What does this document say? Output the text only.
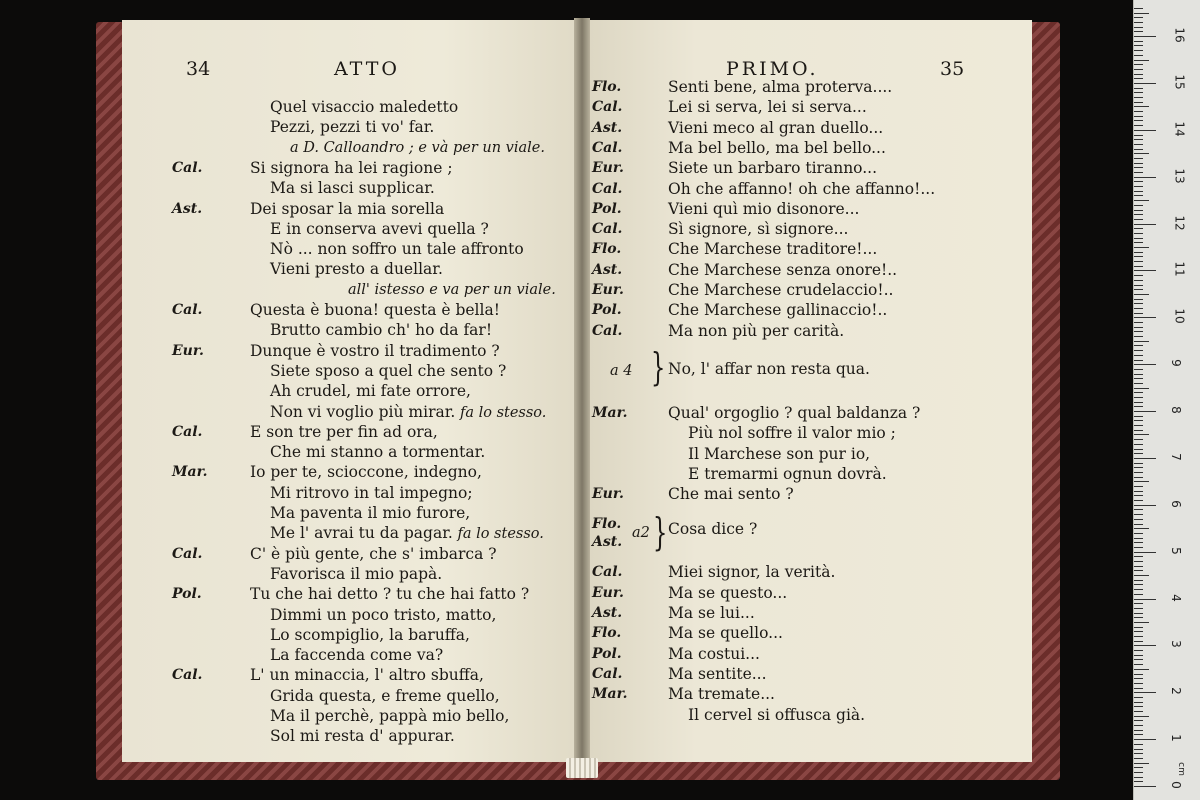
34	ATTO
Quel visaccio maledetto
Pezzi, pezzi ti vo' far.
a D. Calloandro ; e và per un viale.
Cal.	Si signora ha lei ragione ;
Ma si lasci supplicar.
Ast.	Dei sposar la mia sorella
E in conserva avevi quella ?
Nò ... non soffro un tale affronto
Vieni presto a duellar.
all' istesso e va per un viale.
Cal.	Questa è buona! questa è bella!
Brutto cambio ch' ho da far!
Eur.	Dunque è vostro il tradimento ?
Siete sposo a quel che sento ?
Ah crudel, mi fate orrore,
Non vi voglio più mirar. fa lo stesso.
Cal.	E son tre per fin ad ora,
Che mi stanno a tormentar.
Mar.	Io per te, scioccone, indegno,
Mi ritrovo in tal impegno;
Ma paventa il mio furore,
Me l' avrai tu da pagar. fa lo stesso.
Cal.	C' è più gente, che s' imbarca ?
Favorisca il mio papà.
Pol.	Tu che hai detto ? tu che hai fatto ?
Dimmi un poco tristo, matto,
Lo scompiglio, la baruffa,
La faccenda come va?
Cal.	L' un minaccia, l' altro sbuffa,
Grida questa, e freme quello,
Ma il perchè, pappà mio bello,
Sol mi resta d' appurar.
PRIMO.	35
Flo.	Senti bene, alma proterva....
Cal.	Lei si serva, lei si serva...
Ast.	Vieni meco al gran duello...
Cal.	Ma bel bello, ma bel bello...
Eur.	Siete un barbaro tiranno...
Cal.	Oh che affanno! oh che affanno!...
Pol.	Vieni quì mio disonore...
Cal.	Sì signore, sì signore...
Flo.	Che Marchese traditore!...
Ast.	Che Marchese senza onore!..
Eur.	Che Marchese crudelaccio!..
Pol.	Che Marchese gallinaccio!..
Cal.	Ma non più per carità.
a 4 } No, l' affar non resta qua.
Mar.	Qual' orgoglio ? qual baldanza ?
Più nol soffre il valor mio ;
Il Marchese son pur io,
E tremarmi ognun dovrà.
Eur.	Che mai sento ?
Flo.
Ast.
a2 } Cosa dice ?
Cal.	Miei signor, la verità.
Eur.	Ma se questo...
Ast.	Ma se lui...
Flo.	Ma se quello...
Pol.	Ma costui...
Cal.	Ma sentite...
Mar.	Ma tremate...
Il cervel si offusca già.
0
1
2
3
4
5
6
7
8
9
10
11
12
13
14
15
16
cm
